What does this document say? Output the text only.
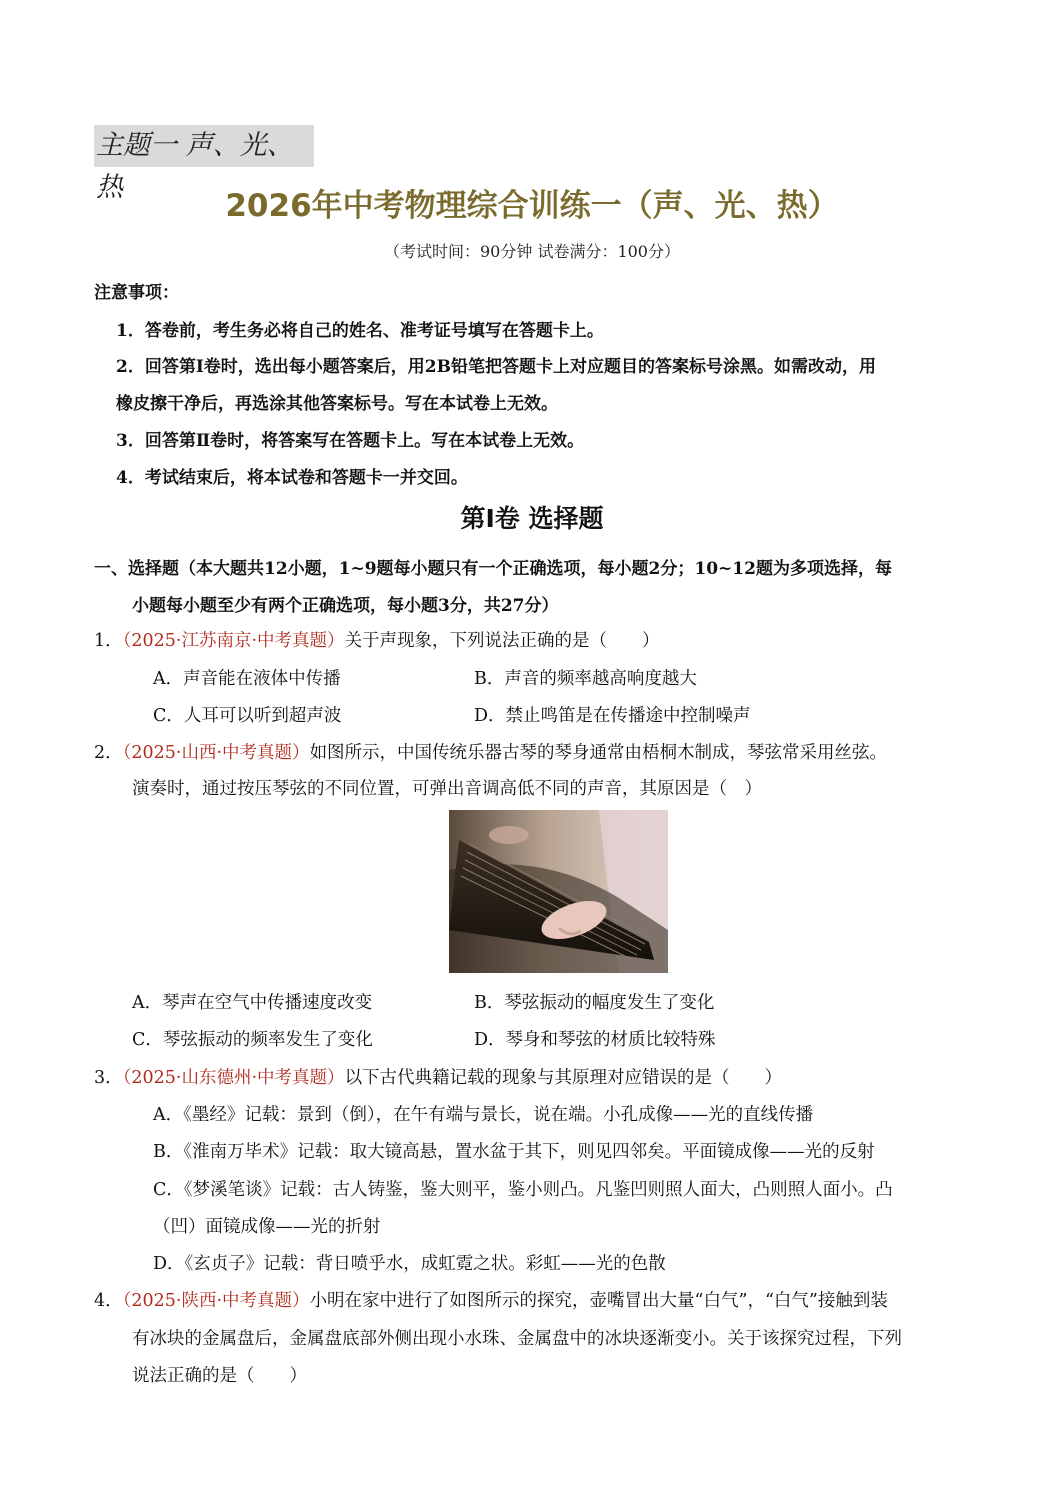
主题一 声、光、热
2026年中考物理综合训练一（声、光、热）
（考试时间：90分钟 试卷满分：100分）
注意事项：
1．答卷前，考生务必将自己的姓名、准考证号填写在答题卡上。
2．回答第Ⅰ卷时，选出每小题答案后，用2B铅笔把答题卡上对应题目的答案标号涂黑。如需改动，用
橡皮擦干净后，再选涂其他答案标号。写在本试卷上无效。
3．回答第Ⅱ卷时，将答案写在答题卡上。写在本试卷上无效。
4．考试结束后，将本试卷和答题卡一并交回。
第Ⅰ卷 选择题
一、选择题（本大题共12小题，1~9题每小题只有一个正确选项，每小题2分；10~12题为多项选择，每
小题每小题至少有两个正确选项，每小题3分，共27分）
1．（2025·江苏南京·中考真题）关于声现象，下列说法正确的是（　　）
A．声音能在液体中传播	B．声音的频率越高响度越大
C．人耳可以听到超声波	D．禁止鸣笛是在传播途中控制噪声
2．（2025·山西·中考真题）如图所示，中国传统乐器古琴的琴身通常由梧桐木制成，琴弦常采用丝弦。
演奏时，通过按压琴弦的不同位置，可弹出音调高低不同的声音，其原因是（　）
A．琴声在空气中传播速度改变	B．琴弦振动的幅度发生了变化
C．琴弦振动的频率发生了变化	D．琴身和琴弦的材质比较特殊
3．（2025·山东德州·中考真题）以下古代典籍记载的现象与其原理对应错误的是（　　）
A．《墨经》记载：景到（倒），在午有端与景长，说在端。小孔成像——光的直线传播
B．《淮南万毕术》记载：取大镜高悬，置水盆于其下，则见四邻矣。平面镜成像——光的反射
C．《梦溪笔谈》记载：古人铸鉴，鉴大则平，鉴小则凸。凡鉴凹则照人面大，凸则照人面小。凸
（凹）面镜成像——光的折射
D．《玄贞子》记载：背日喷乎水，成虹霓之状。彩虹——光的色散
4．（2025·陕西·中考真题）小明在家中进行了如图所示的探究，壶嘴冒出大量“白气”，“白气”接触到装
有冰块的金属盘后，金属盘底部外侧出现小水珠、金属盘中的冰块逐渐变小。关于该探究过程，下列
说法正确的是（　　）
